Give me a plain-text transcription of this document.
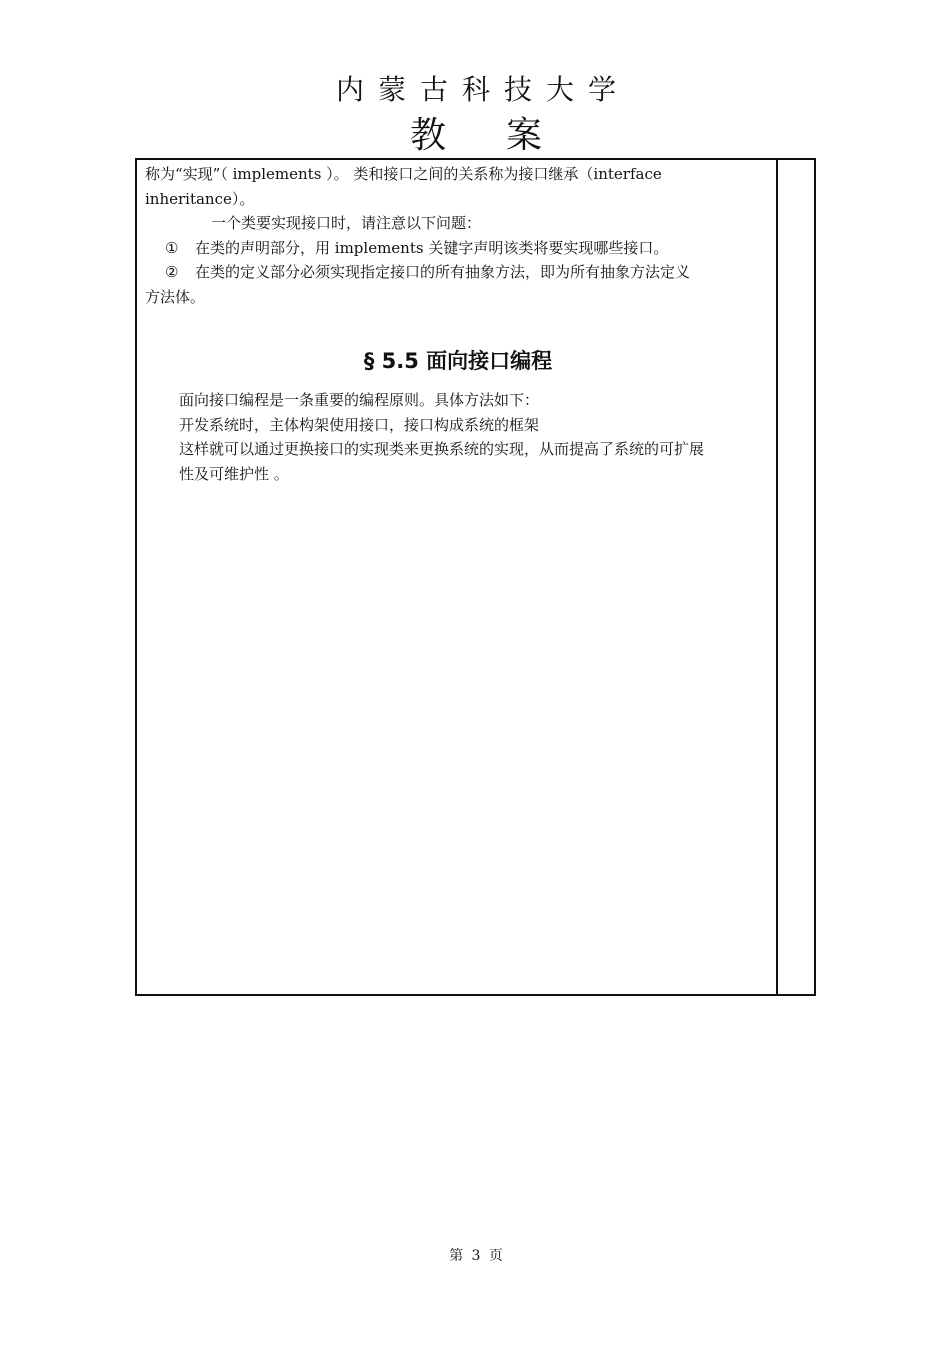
内蒙古科技大学
教案

称为“实现”（ implements ）。 类和接口之间的关系称为接口继承（interface

inheritance）。

一个类要实现接口时，请注意以下问题：

① 在类的声明部分，用 implements 关键字声明该类将要实现哪些接口。

② 在类的定义部分必须实现指定接口的所有抽象方法，即为所有抽象方法定义

方法体。

§ 5.5 面向接口编程

面向接口编程是一条重要的编程原则。具体方法如下：

开发系统时，主体构架使用接口，接口构成系统的框架

这样就可以通过更换接口的实现类来更换系统的实现，从而提高了系统的可扩展

性及可维护性 。

第 3 页
